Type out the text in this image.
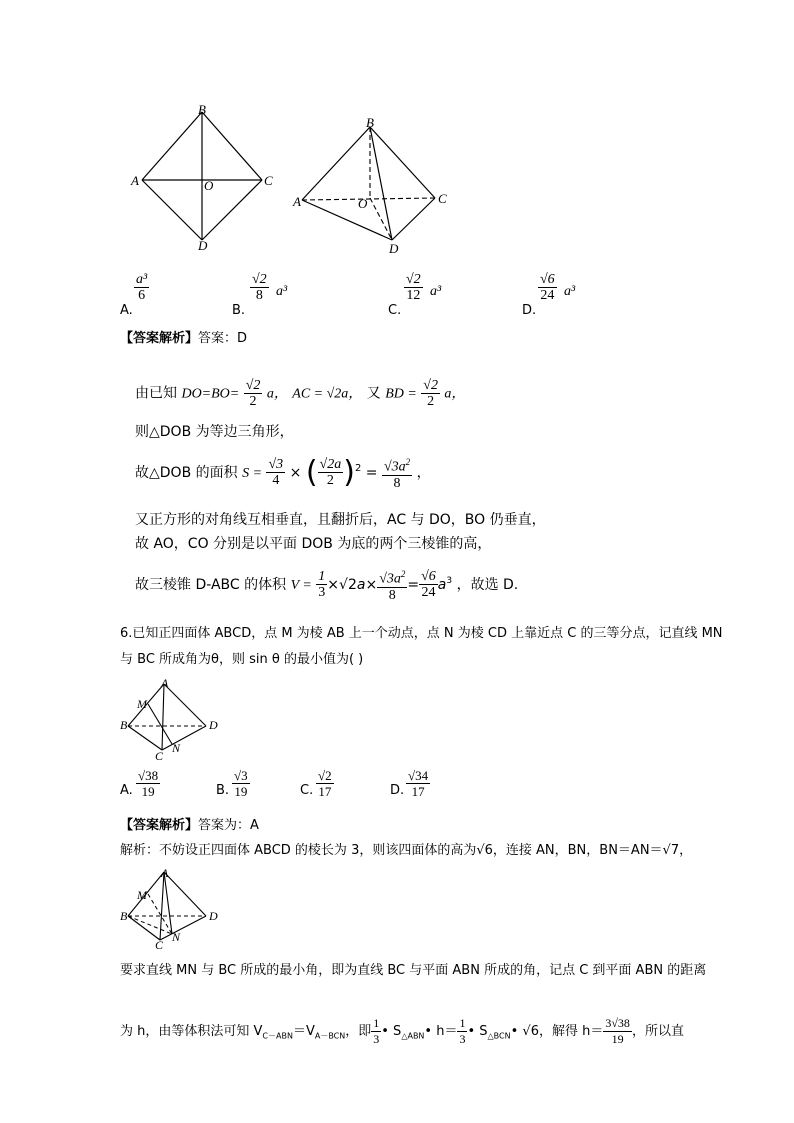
B
A	O	C
D
B
A	O	C
D
A.
$\frac{\text{a³}}{6}$
B.
$\frac{√2}{8} a^3$
C.
$\frac{√2}{12} a^3$
D.
$\frac{√6}{24} a^3$
【答案解析】答案：D
由已知 $DO=BO= \frac{√2}{2}$ a， AC = √2a， 又 BD = $\frac{√2}{2}$ a，
则△DOB 为等边三角形，
故△DOB 的面积 $S = \frac{√3}{4}$ × ( $\frac{√2a}{2} )^2 = \frac{√3a^2}{8}$ ，
又正方形的对角线互相垂直，且翻折后，AC 与 DO，BO 仍垂直，
故 AO，CO 分别是以平面 DOB 为底的两个三棱锥的高，
故三棱锥 D-ABC 的体积 $V = \frac{1}{3} \times√2a\times \frac{√3a^2}{8} = \frac{√6}{24} a^3$ ，故选 D.
6.已知正四面体 ABCD，点 M 为棱 AB 上一个动点，点 N 为棱 CD 上靠近点 C 的三等分点，记直线 MN
与 BC 所成角为θ，则 sin θ 的最小值为( )
A
M
B	D
C
N
A. $\frac{√38}{19}$	B. $\frac{√3}{19}$	C. $\frac{√2}{17}$	D. $\frac{√34}{17}$
【答案解析】答案为：A
解析：不妨设正四面体 ABCD 的棱长为 3，则该四面体的高为√6，连接 AN，BN，BN＝AN＝√7，
A
M
B	D
C
N
要求直线 MN 与 BC 所成的最小角，即为直线 BC 与平面 ABN 所成的角，记点 C 到平面 ABN 的距离
为 h，由等体积法可知 $V_{C-ABN}=V_{A-BCN}$，即 $\frac{1}{3}$ • $S_{\triangle ABN}•$ $h= \frac{1}{3}$ • $S_{\triangle BCN}•$ √6，解得 $h= \frac{3√38}{19}$ ，所以直
